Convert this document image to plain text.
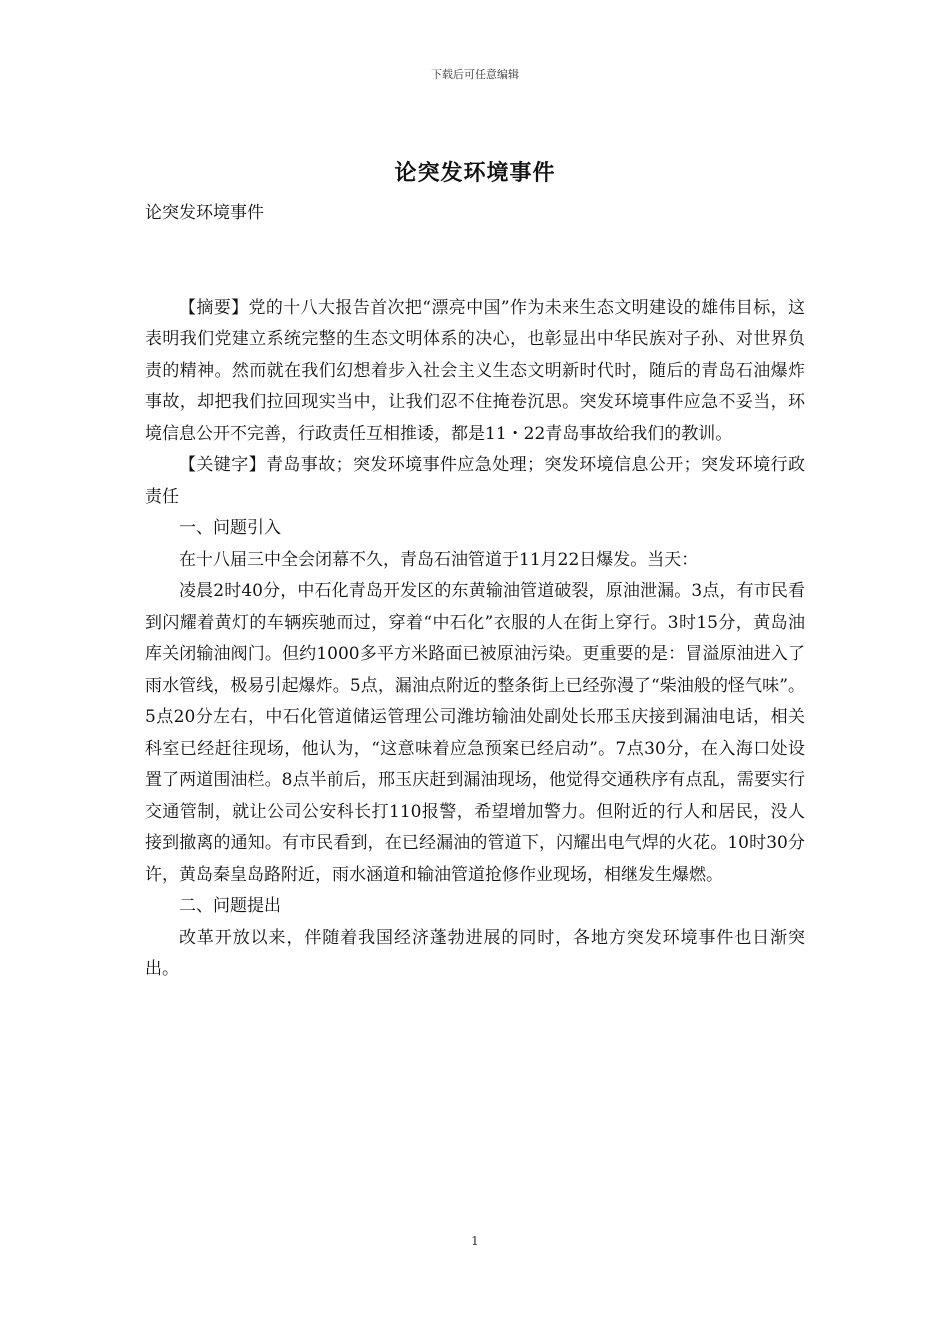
下载后可任意编辑
论突发环境事件

论突发环境事件

【摘要】党的十八大报告首次把“漂亮中国”作为未来生态文明建设的雄伟目标，这表明我们党建立系统完整的生态文明体系的决心，也彰显出中华民族对子孙、对世界负责的精神。然而就在我们幻想着步入社会主义生态文明新时代时，随后的青岛石油爆炸事故，却把我们拉回现实当中，让我们忍不住掩卷沉思。突发环境事件应急不妥当，环境信息公开不完善，行政责任互相推诿，都是11・22青岛事故给我们的教训。

【关键字】青岛事故；突发环境事件应急处理；突发环境信息公开；突发环境行政责任

一、问题引入

在十八届三中全会闭幕不久，青岛石油管道于11月22日爆发。当天：

凌晨2时40分，中石化青岛开发区的东黄输油管道破裂，原油泄漏。3点，有市民看到闪耀着黄灯的车辆疾驰而过，穿着“中石化”衣服的人在街上穿行。3时15分，黄岛油库关闭输油阀门。但约1000多平方米路面已被原油污染。更重要的是：冒溢原油进入了雨水管线，极易引起爆炸。5点，漏油点附近的整条街上已经弥漫了“柴油般的怪气味”。5点20分左右，中石化管道储运管理公司潍坊输油处副处长邢玉庆接到漏油电话，相关科室已经赶往现场，他认为，“这意味着应急预案已经启动”。7点30分，在入海口处设置了两道围油栏。8点半前后，邢玉庆赶到漏油现场，他觉得交通秩序有点乱，需要实行交通管制，就让公司公安科长打110报警，希望增加警力。但附近的行人和居民，没人接到撤离的通知。有市民看到，在已经漏油的管道下，闪耀出电气焊的火花。10时30分许，黄岛秦皇岛路附近，雨水涵道和输油管道抢修作业现场，相继发生爆燃。

二、问题提出

改革开放以来，伴随着我国经济蓬勃进展的同时，各地方突发环境事件也日渐突出。

1
